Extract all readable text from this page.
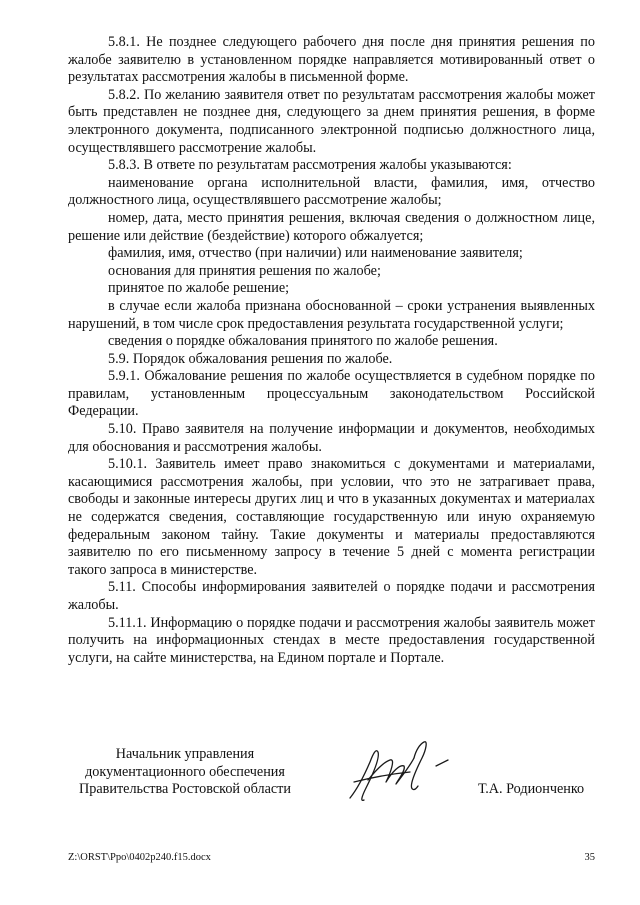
5.8.1. Не позднее следующего рабочего дня после дня принятия решения по жалобе заявителю в установленном порядке направляется мотивированный ответ о результатах рассмотрения жалобы в письменной форме.

5.8.2. По желанию заявителя ответ по результатам рассмотрения жалобы может быть представлен не позднее дня, следующего за днем принятия решения, в форме электронного документа, подписанного электронной подписью должностного лица, осуществлявшего рассмотрение жалобы.

5.8.3. В ответе по результатам рассмотрения жалобы указываются:

наименование органа исполнительной власти, фамилия, имя, отчество должностного лица, осуществлявшего рассмотрение жалобы;

номер, дата, место принятия решения, включая сведения о должностном лице, решение или действие (бездействие) которого обжалуется;

фамилия, имя, отчество (при наличии) или наименование заявителя;

основания для принятия решения по жалобе;

принятое по жалобе решение;

в случае если жалоба признана обоснованной – сроки устранения выявленных нарушений, в том числе срок предоставления результата государственной услуги;

сведения о порядке обжалования принятого по жалобе решения.

5.9. Порядок обжалования решения по жалобе.

5.9.1. Обжалование решения по жалобе осуществляется в судебном порядке по правилам, установленным процессуальным законодательством Российской Федерации.

5.10. Право заявителя на получение информации и документов, необходимых для обоснования и рассмотрения жалобы.

5.10.1. Заявитель имеет право знакомиться с документами и материалами, касающимися рассмотрения жалобы, при условии, что это не затрагивает права, свободы и законные интересы других лиц и что в указанных документах и материалах не содержатся сведения, составляющие государственную или иную охраняемую федеральным законом тайну. Такие документы и материалы предоставляются заявителю по его письменному запросу в течение 5 дней с момента регистрации такого запроса в министерстве.

5.11. Способы информирования заявителей о порядке подачи и рассмотрения жалобы.

5.11.1. Информацию о порядке подачи и рассмотрения жалобы заявитель может получить на информационных стендах в месте предоставления государственной услуги, на сайте министерства, на Едином портале и Портале.

Начальник управления
документационного обеспечения
Правительства Ростовской области	Т.А. Родионченко
Z:\ORST\Ppo\0402p240.f15.docx	35
